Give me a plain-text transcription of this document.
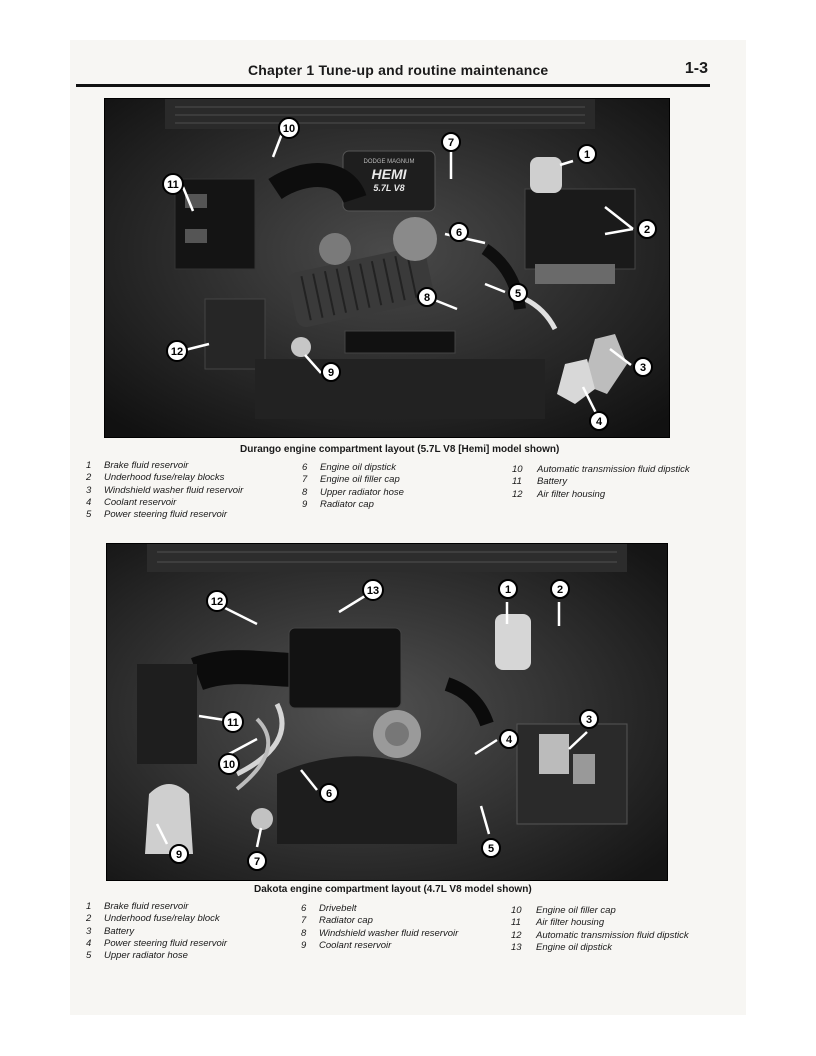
Chapter 1 Tune-up and routine maintenance	1-3
DODGE MAGNUM
HEMI
5.7L V8
1
2
3
4
5
6
7
8
9
10
11
12
Durango engine compartment layout (5.7L V8 [Hemi] model shown)
1	Brake fluid reservoir
2	Underhood fuse/relay blocks
3	Windshield washer fluid reservoir
4	Coolant reservoir
5	Power steering fluid reservoir
6	Engine oil dipstick
7	Engine oil filler cap
8	Upper radiator hose
9	Radiator cap
10	Automatic transmission fluid dipstick
11	Battery
12	Air filter housing
1	2
3
4
5
6
7
13
12
11
10
9
Dakota engine compartment layout (4.7L V8 model shown)
1	Brake fluid reservoir
2	Underhood fuse/relay block
3	Battery
4	Power steering fluid reservoir
5	Upper radiator hose
6	Drivebelt
7	Radiator cap
8	Windshield washer fluid reservoir
9	Coolant reservoir
10	Engine oil filler cap
11	Air filter housing
12	Automatic transmission fluid dipstick
13	Engine oil dipstick
